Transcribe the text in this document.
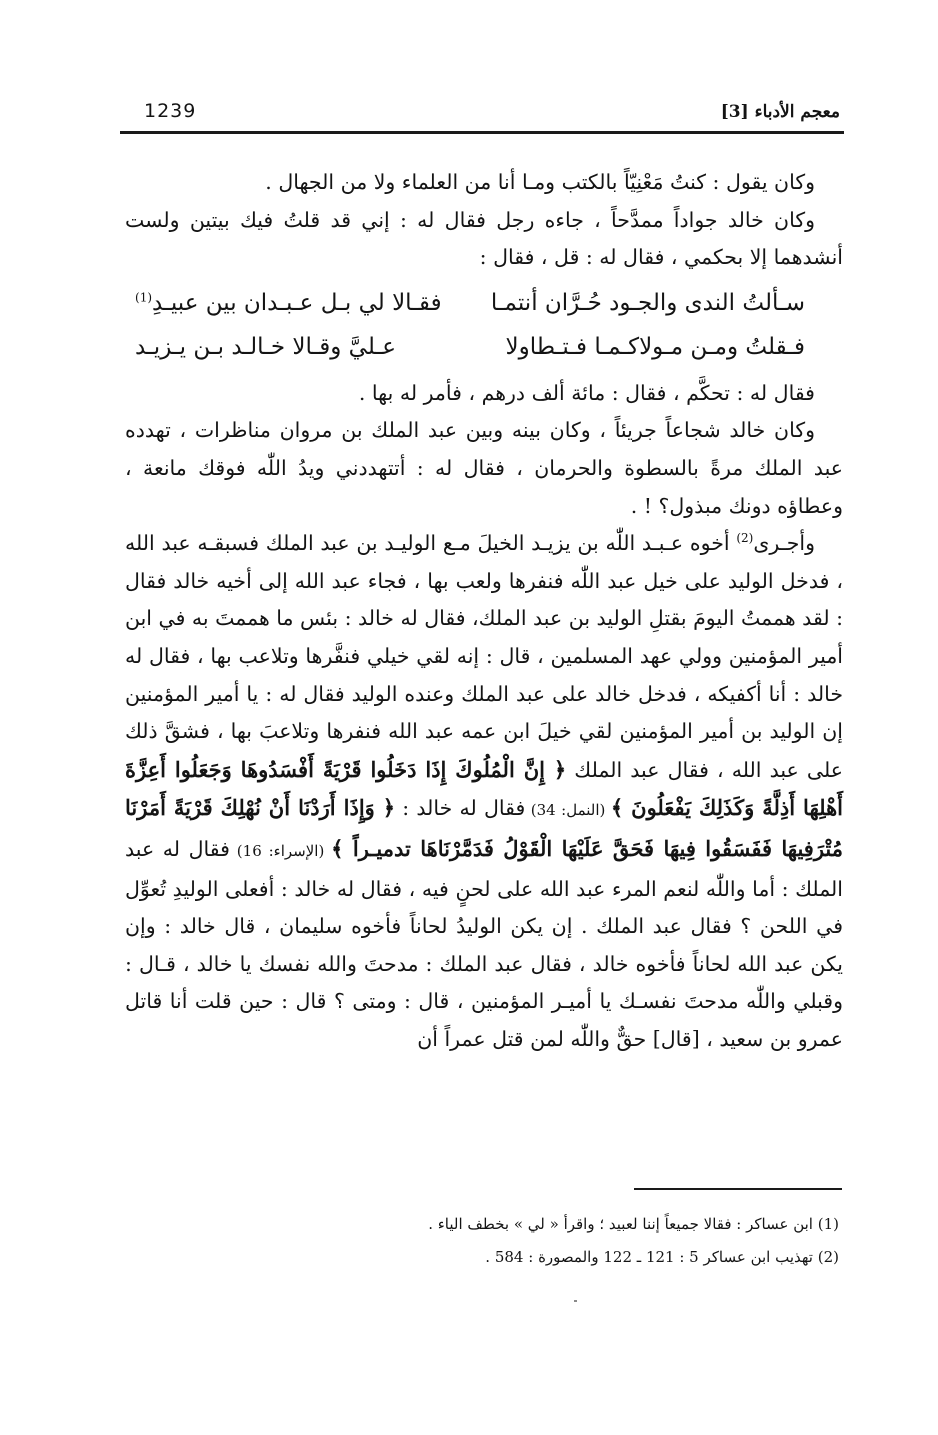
معجم الأدباء [3]
1239

وكان يقول : كنتُ مَعْنِيّاً بالكتب ومـا أنا من العلماء ولا من الجهال .

وكان خالد جواداً ممدَّحاً ، جاءه رجل فقال له : إني قد قلتُ فيك بيتين ولست أنشدهما إلا بحكمي ، فقال له : قل ، فقال :

سـألتُ الندى والجـود حُـرَّان أنتمـا
فقـالا لي بـل عـبـدان بين عبيـدِ$^{(1)}$
فـقلتُ ومـن مـولاكـمـا فـتـطاولا
عـليَّ وقـالا خـالـد بـن يـزيـد

فقال له : تحكَّم ، فقال : مائة ألف درهم ، فأمر له بها .

وكان خالد شجاعاً جريئاً ، وكان بينه وبين عبد الملك بن مروان مناظرات ، تهدده عبد الملك مرةً بالسطوة والحرمان ، فقال له : أتتهددني ويدُ اللّٰه فوقك مانعة ، وعطاؤه دونك مبذول؟ ! .

وأجـرى$^{(2)}$ أخوه عـبـد اللّٰه بن يزيـد الخيلَ مـع الوليـد بن عبد الملك فسبقـه عبد الله ، فدخل الوليد على خيل عبد اللّٰه فنفرها ولعب بها ، فجاء عبد الله إلى أخيه خالد فقال : لقد هممتُ اليومَ بقتلِ الوليد بن عبد الملك، فقال له خالد : بئس ما هممتَ به في ابن أمير المؤمنين وولي عهد المسلمين ، قال : إنه لقي خيلي فنفَّرها وتلاعب بها ، فقال له خالد : أنا أكفيكه ، فدخل خالد على عبد الملك وعنده الوليد فقال له : يا أمير المؤمنين إن الوليد بن أمير المؤمنين لقي خيلَ ابن عمه عبد الله فنفرها وتلاعبَ بها ، فشقَّ ذلك على عبد الله ، فقال عبد الملك ﴿ إِنَّ الْمُلُوكَ إِذَا دَخَلُوا قَرْيَةً أَفْسَدُوهَا وَجَعَلُوا أَعِزَّةَ أَهْلِهَا أَذِلَّةً وَكَذَلِكَ يَفْعَلُونَ ﴾ (النمل: 34) فقال له خالد : ﴿ وَإِذَا أَرَدْنَا أَنْ نُهْلِكَ قَرْيَةً أَمَرْنَا مُتْرَفِيهَا فَفَسَقُوا فِيهَا فَحَقَّ عَلَيْهَا الْقَوْلُ فَدَمَّرْنَاهَا تدميـراً ﴾ (الإسراء: 16) فقال له عبد الملك : أما واللّٰه لنعم المرء عبد الله على لحنٍ فيه ، فقال له خالد : أفعلى الوليدِ تُعوِّل في اللحن ؟ فقال عبد الملك . إن يكن الوليدُ لحاناً فأخوه سليمان ، قال خالد : وإن يكن عبد الله لحاناً فأخوه خالد ، فقال عبد الملك : مدحتَ والله نفسك يا خالد ، قـال : وقبلي واللّٰه مدحتَ نفسـك يا أميـر المؤمنين ، قال : ومتى ؟ قال : حين قلت أنا قاتل عمرو بن سعيد ، [قال] حقٌّ واللّٰه لمن قتل عمراً أن

(1) ابن عساكر : فقالا جميعاً إننا لعبيد ؛ واقرأ « لي » بخطف الياء .

(2) تهذيب ابن عساكر 5 : 121 ـ 122 والمصورة : 584 .
